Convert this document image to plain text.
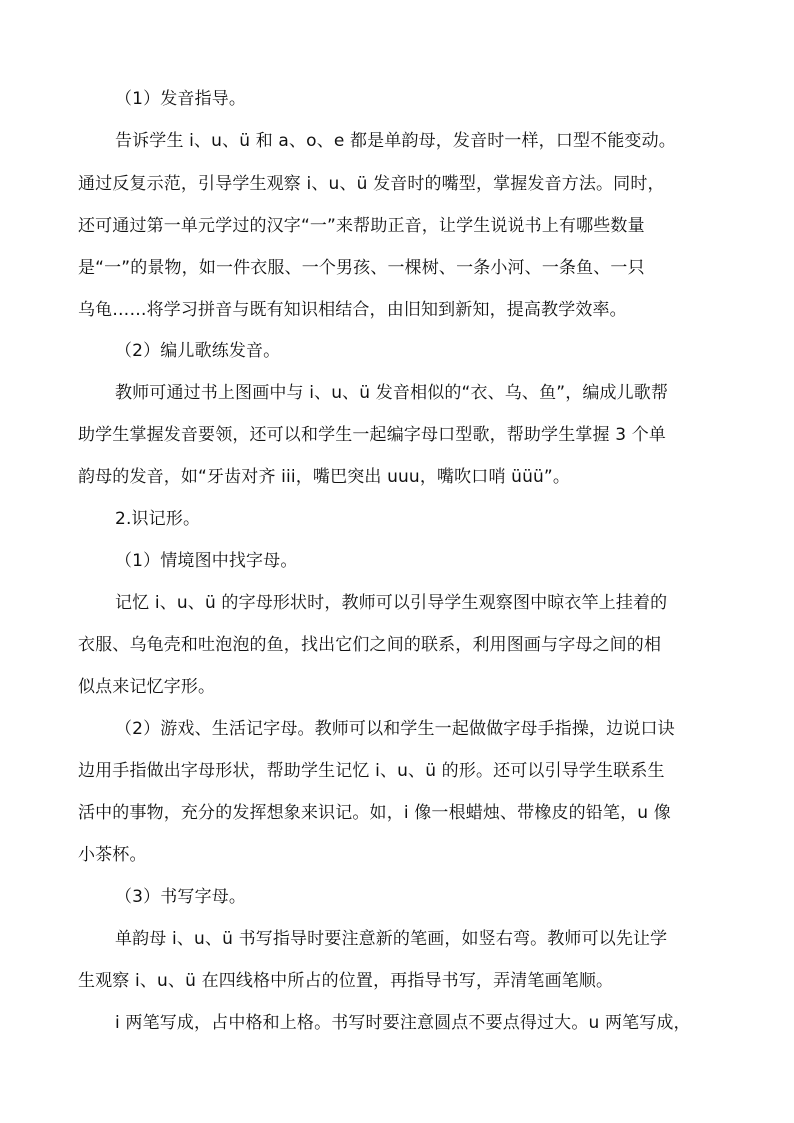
（1）发音指导。
告诉学生 i、u、ü 和 a、o、e 都是单韵母，发音时一样，口型不能变动。
通过反复示范，引导学生观察 i、u、ü 发音时的嘴型，掌握发音方法。同时，
还可通过第一单元学过的汉字“一”来帮助正音，让学生说说书上有哪些数量
是“一”的景物，如一件衣服、一个男孩、一棵树、一条小河、一条鱼、一只
乌龟……将学习拼音与既有知识相结合，由旧知到新知，提高教学效率。
（2）编儿歌练发音。
教师可通过书上图画中与 i、u、ü 发音相似的“衣、乌、鱼”，编成儿歌帮
助学生掌握发音要领，还可以和学生一起编字母口型歌，帮助学生掌握 3 个单
韵母的发音，如“牙齿对齐 iii，嘴巴突出 uuu，嘴吹口哨 üüü”。
2.识记形。
（1）情境图中找字母。
记忆 i、u、ü 的字母形状时，教师可以引导学生观察图中晾衣竿上挂着的
衣服、乌龟壳和吐泡泡的鱼，找出它们之间的联系，利用图画与字母之间的相
似点来记忆字形。
（2）游戏、生活记字母。教师可以和学生一起做做字母手指操，边说口诀
边用手指做出字母形状，帮助学生记忆 i、u、ü 的形。还可以引导学生联系生
活中的事物，充分的发挥想象来识记。如，i 像一根蜡烛、带橡皮的铅笔，u 像
小茶杯。
（3）书写字母。
单韵母 i、u、ü 书写指导时要注意新的笔画，如竖右弯。教师可以先让学
生观察 i、u、ü 在四线格中所占的位置，再指导书写，弄清笔画笔顺。
i 两笔写成，占中格和上格。书写时要注意圆点不要点得过大。u 两笔写成，
